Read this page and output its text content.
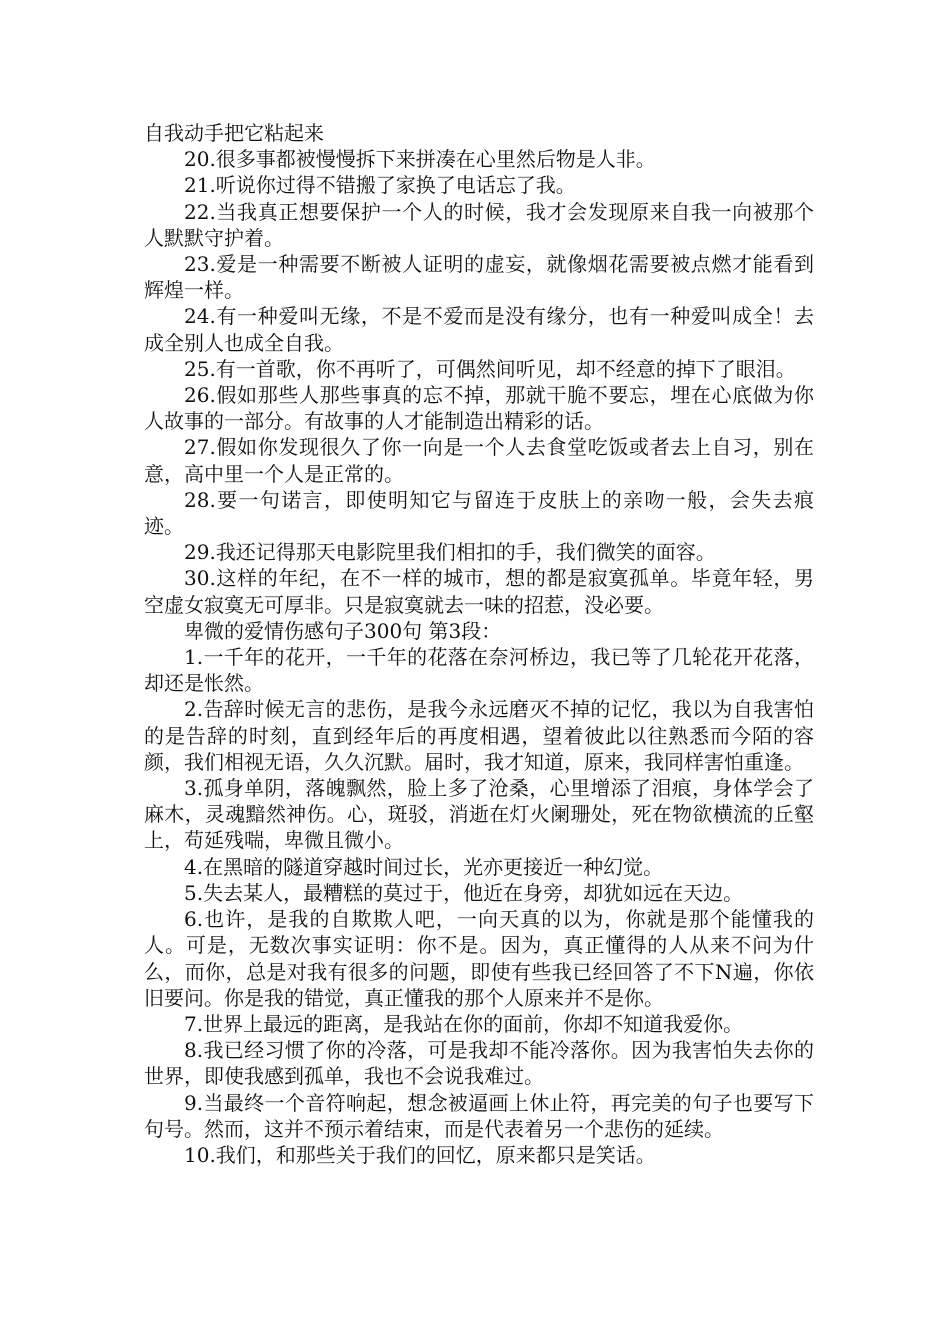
自我动手把它粘起来

20.很多事都被慢慢拆下来拼凑在心里然后物是人非。

21.听说你过得不错搬了家换了电话忘了我。

22.当我真正想要保护一个人的时候，我才会发现原来自我一向被那个人默默守护着。

23.爱是一种需要不断被人证明的虚妄，就像烟花需要被点燃才能看到辉煌一样。

24.有一种爱叫无缘，不是不爱而是没有缘分，也有一种爱叫成全！去成全别人也成全自我。

25.有一首歌，你不再听了，可偶然间听见，却不经意的掉下了眼泪。

26.假如那些人那些事真的忘不掉，那就干脆不要忘，埋在心底做为你人故事的一部分。有故事的人才能制造出精彩的话。

27.假如你发现很久了你一向是一个人去食堂吃饭或者去上自习，别在意，高中里一个人是正常的。

28.要一句诺言，即使明知它与留连于皮肤上的亲吻一般，会失去痕迹。

29.我还记得那天电影院里我们相扣的手，我们微笑的面容。

30.这样的年纪，在不一样的城市，想的都是寂寞孤单。毕竟年轻，男空虚女寂寞无可厚非。只是寂寞就去一味的招惹，没必要。

卑微的爱情伤感句子300句 第3段：

1.一千年的花开，一千年的花落在奈河桥边，我已等了几轮花开花落，却还是怅然。

2.告辞时候无言的悲伤，是我今永远磨灭不掉的记忆，我以为自我害怕的是告辞的时刻，直到经年后的再度相遇，望着彼此以往熟悉而今陌的容颜，我们相视无语，久久沉默。届时，我才知道，原来，我同样害怕重逢。

3.孤身单阴，落魄飘然，脸上多了沧桑，心里增添了泪痕，身体学会了麻木，灵魂黯然神伤。心，斑驳，消逝在灯火阑珊处，死在物欲横流的丘壑上，苟延残喘，卑微且微小。

4.在黑暗的隧道穿越时间过长，光亦更接近一种幻觉。

5.失去某人，最糟糕的莫过于，他近在身旁，却犹如远在天边。

6.也许，是我的自欺欺人吧，一向天真的以为，你就是那个能懂我的人。可是，无数次事实证明：你不是。因为，真正懂得的人从来不问为什么，而你，总是对我有很多的问题，即使有些我已经回答了不下N遍，你依旧要问。你是我的错觉，真正懂我的那个人原来并不是你。

7.世界上最远的距离，是我站在你的面前，你却不知道我爱你。

8.我已经习惯了你的冷落，可是我却不能冷落你。因为我害怕失去你的世界，即使我感到孤单，我也不会说我难过。

9.当最终一个音符响起，想念被逼画上休止符，再完美的句子也要写下句号。然而，这并不预示着结束，而是代表着另一个悲伤的延续。

10.我们，和那些关于我们的回忆，原来都只是笑话。
